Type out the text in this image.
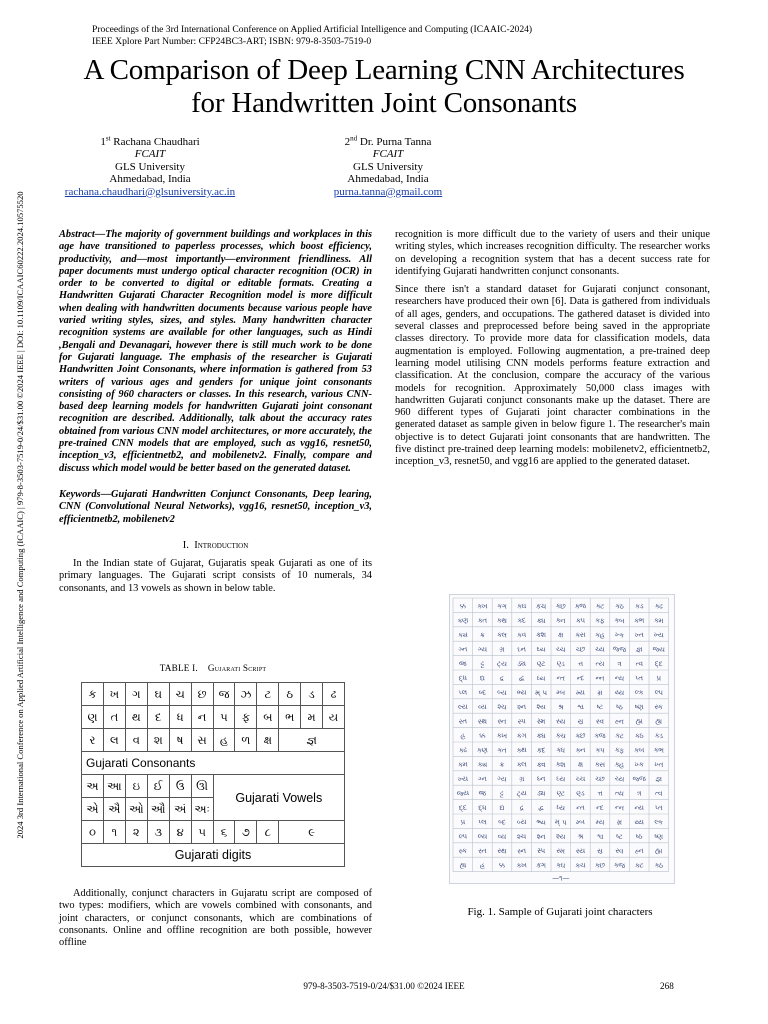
Proceedings of the 3rd International Conference on Applied Artificial Intelligence and Computing (ICAAIC-2024)
IEEE Xplore Part Number: CFP24BC3-ART; ISBN: 979-8-3503-7519-0
A Comparison of Deep Learning CNN Architectures
for Handwritten Joint Consonants
2024 3rd International Conference on Applied Artificial Intelligence and Computing (ICAAIC) | 979-8-3503-7519-0/24/$31.00 ©2024 IEEE | DOI: 10.1109/ICAAIC60222.2024.10575520
1st Rachana Chaudhari
FCAIT
GLS University
Ahmedabad, India
rachana.chaudhari@glsuniversity.ac.in
2nd Dr. Purna Tanna
FCAIT
GLS University
Ahmedabad, India
purna.tanna@gmail.com

Abstract—The majority of government buildings and workplaces in this age have transitioned to paperless processes, which boost efficiency, productivity, and—most importantly—environment friendliness. All paper documents must undergo optical character recognition (OCR) in order to be converted to digital or editable formats. Creating a Handwritten Gujarati Character Recognition model is more difficult when dealing with handwritten documents because various people have varied writing styles, sizes, and styles. Many handwritten character recognition systems are available for other languages, such as Hindi ,Bengali and Devanagari, however there is still much work to be done for Gujarati language. The emphasis of the researcher is Gujarati Handwritten Joint Consonants, where information is gathered from 53 writers of various ages and genders for unique joint consonants consisting of 960 characters or classes. In this research, various CNN-based deep learning models for handwritten Gujarati joint consonant recognition are described. Additionally, talk about the accuracy rates obtained from various CNN model architectures, or more accurately, the pre-trained CNN models that are employed, such as vgg16, resnet50, inception_v3, efficientnetb2, and mobilenetv2. Finally, compare and discuss which model would be better based on the generated dataset.

Keywords—Gujarati Handwritten Conjunct Consonants, Deep learing, CNN (Convolutional Neural Networks), vgg16, resnet50, inception_v3, efficientnetb2, mobilenetv2

I. Introduction

In the Indian state of Gujarat, Gujaratis speak Gujarati as one of its primary languages. The Gujarati script consists of 10 numerals, 34 consonants, and 13 vowels as shown in below table.

TABLE I. Gujarati Script
ક	ખ	ગ	ઘ	ચ	છ	જ	ઝ	ટ	ઠ	ડ	ઢ
ણ	ત	થ	દ	ધ	ન	પ	ફ	બ	ભ	મ	ય
ર	લ	વ	શ	ષ	સ	હ	ળ	ક્ષ	જ્ઞ		
Gujarati Consonants											
અ	આ	ઇ	ઈ	ઉ	ઊ	Gujarati Vowels					
એ	ઐ	ઓ	ઔ	અં	અઃ						
૦	૧	૨	૩	૪	૫	૬	૭	૮	૯		
Gujarati digits											

Additionally, conjunct characters in Gujaratu script are composed of two types: modifiers, which are vowels combined with consonants, and joint characters, or conjunct consonants, which are combinations of consonants. Online and offline recognition are both possible, however offline

recognition is more difficult due to the variety of users and their unique writing styles, which increases recognition difficulty. The researcher works on developing a recognition system that has a decent success rate for identifying Gujarati handwritten conjunct consonants.

Since there isn't a standard dataset for Gujarati conjunct consonant, researchers have produced their own [6]. Data is gathered from individuals of all ages, genders, and occupations. The gathered dataset is divided into several classes and preprocessed before being saved in the appropriate classes directory. To provide more data for classification models, data augmentation is employed. Following augmentation, a pre-trained deep learning model utilising CNN models performs feature extraction and classification. At the conclusion, compare the accuracy of the various models for recognition. Approximately 50,000 class images with handwritten Gujarati conjunct consonants make up the dataset. There are 960 different types of Gujarati joint character combinations in the generated dataset as sample given in below figure 1. The researcher's main objective is to detect Gujarati joint consonants that are handwritten. The five distinct pre-trained deep learning models: mobilenetv2, efficientnetb2, inception_v3, resnet50, and vgg16 are applied to the generated dataset.

ક્ક ક્ખ ક્ગ ક્ઘ ક્ચ ક્છ ક્જ ક્ટ ક્ઠ ક્ડ ક્ઢ
ક્ણ ક્ત ક્થ ક્દ ક્ધ ક્ન ક્પ ક્ફ ક્બ ક્ભ ક્મ
ક્ય ક્ર ક્લ ક્વ ક્શ ક્ષ ક્સ ક્હ ખ્ક ખ્ત ખ્ય
ગ્ન ગ્ય ગ્ર ઘ્ન ઘ્ય ચ્ચ ચ્છ ચ્ય જ્જ જ્ઞ જ્ય
જ્ર ટ્ટ ટ્ય ડ્ય ણ્ટ ણ્ડ ત્ત ત્ય ત્ર ત્વ દ્દ
દ્ધ દ્ય દ્ર દ્વ ધ્ય ન્ત ન્દ ન્ન ન્ય પ્ત પ્ર
પ્લ બ્દ બ્ય ભ્ય મ્ પ મ્બ મ્ય મ્ર ય્ય લ્ક લ્પ
લ્ય વ્ય શ્ચ શ્ન શ્ય શ્ર શ્વ ષ્ટ ષ્ઠ ષ્ણ સ્ક
સ્ત સ્થ સ્ન સ્પ સ્મ સ્ય સ્ર સ્વ હ્ન હ્મ હ્ય
હ્ર ક્ક ક્ખ ક્ગ ક્ઘ ક્ચ ક્છ ક્જ ક્ટ ક્ઠ ક્ડ
ક્ઢ ક્ણ ક્ત ક્થ ક્દ ક્ધ ક્ન ક્પ ક્ફ ક્બ ક્ભ
ક્મ ક્ય ક્ર ક્લ ક્વ ક્શ ક્ષ ક્સ ક્હ ખ્ક ખ્ત
ખ્ય ગ્ન ગ્ય ગ્ર ઘ્ન ઘ્ય ચ્ચ ચ્છ ચ્ય જ્જ જ્ઞ
જ્ય જ્ર ટ્ટ ટ્ય ડ્ય ણ્ટ ણ્ડ ત્ત ત્ય ત્ર ત્વ
દ્દ દ્ધ દ્ય દ્ર દ્વ ધ્ય ન્ત ન્દ ન્ન ન્ય પ્ત
પ્ર પ્લ બ્દ બ્ય ભ્ય મ્ પ મ્બ મ્ય મ્ર ય્ય લ્ક
લ્પ લ્ય વ્ય શ્ચ શ્ન શ્ય શ્ર શ્વ ષ્ટ ષ્ઠ ષ્ણ
સ્ક સ્ત સ્થ સ્ન સ્પ સ્મ સ્ય સ્ર સ્વ હ્ન હ્મ
હ્ય હ્ર ક્ક ક્ખ ક્ગ ક્ઘ ક્ચ ક્છ ક્જ ક્ટ ક્ઠ
—૧—
Fig. 1. Sample of Gujarati joint characters
979-8-3503-7519-0/24/$31.00 ©2024 IEEE	268
